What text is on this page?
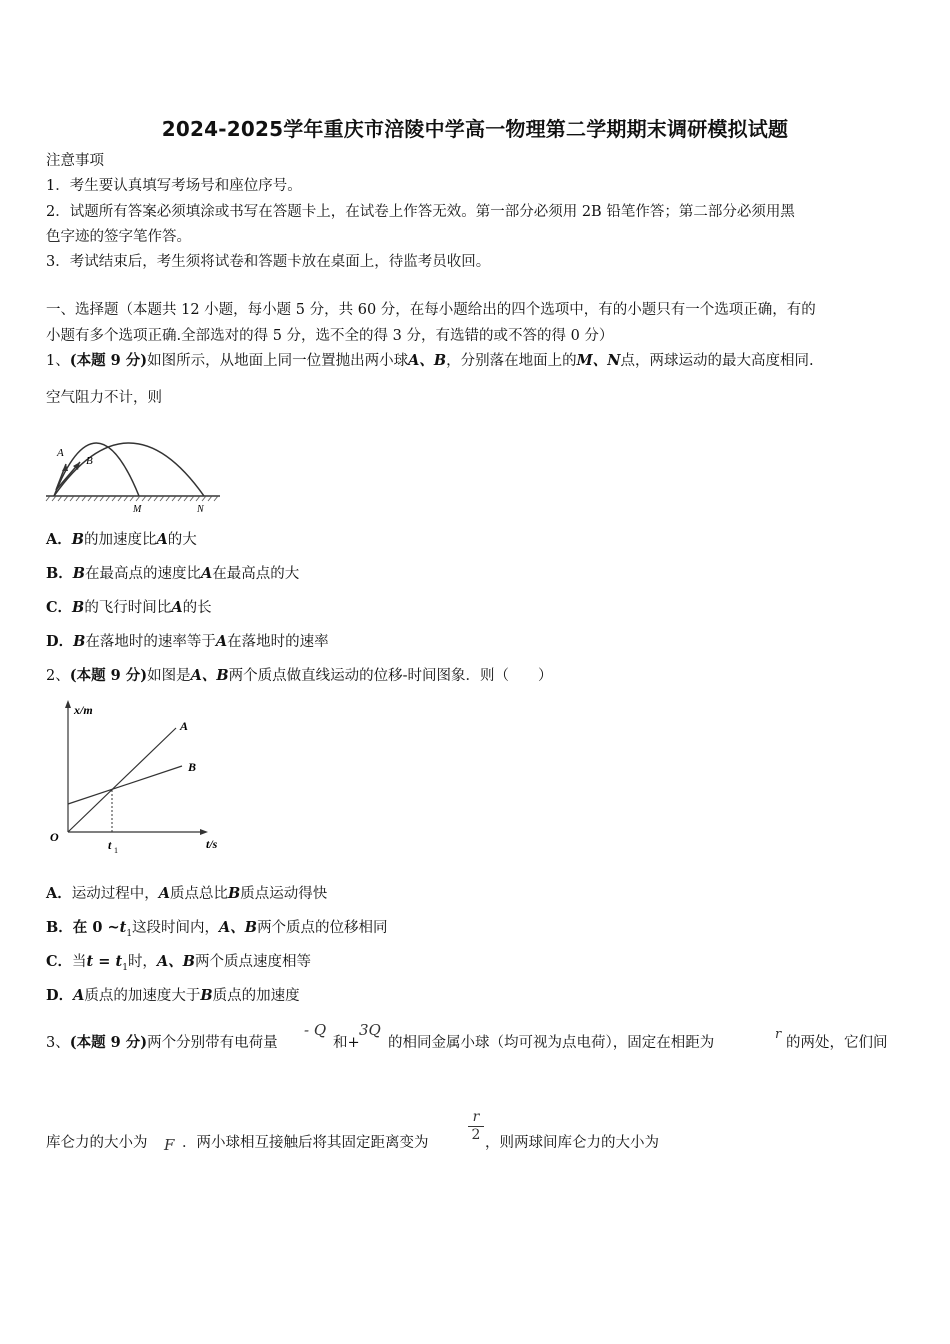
2024-2025学年重庆市涪陵中学高一物理第二学期期末调研模拟试题
注意事项
1．考生要认真填写考场号和座位序号。
2．试题所有答案必须填涂或书写在答题卡上，在试卷上作答无效。第一部分必须用 2B 铅笔作答；第二部分必须用黑
色字迹的签字笔作答。
3．考试结束后，考生须将试卷和答题卡放在桌面上，待监考员收回。
一、选择题（本题共 12 小题，每小题 5 分，共 60 分，在每小题给出的四个选项中，有的小题只有一个选项正确，有的
小题有多个选项正确.全部选对的得 5 分，选不全的得 3 分，有选错的或不答的得 0 分）
1、(本题 9 分)如图所示，从地面上同一位置抛出两小球A、B，分别落在地面上的M、N点，两球运动的最大高度相同.
空气阻力不计，则
A
B
M	N
A．B的加速度比A的大
B．B在最高点的速度比A在最高点的大
C．B的飞行时间比A的长
D．B在落地时的速率等于A在落地时的速率
2、(本题 9 分)如图是A、B两个质点做直线运动的位移-时间图象．则（　　）
x/m
t/s
O
t 1
A
B
A．运动过程中，A质点总比B质点运动得快
B．在 0 $\sim t_1$这段时间内，A、B两个质点的位移相同
C．当$t = t_1$时，A、B两个质点速度相等
D．A质点的加速度大于B质点的加速度
3、(本题 9 分)两个分别带有电荷量
- Q
和+
3Q
的相同金属小球（均可视为点电荷），固定在相距为
r
的两处，它们间
库仑力的大小为 F ．两小球相互接触后将其固定距离变为	$\frac{r}{2}$ ，则两球间库仑力的大小为
